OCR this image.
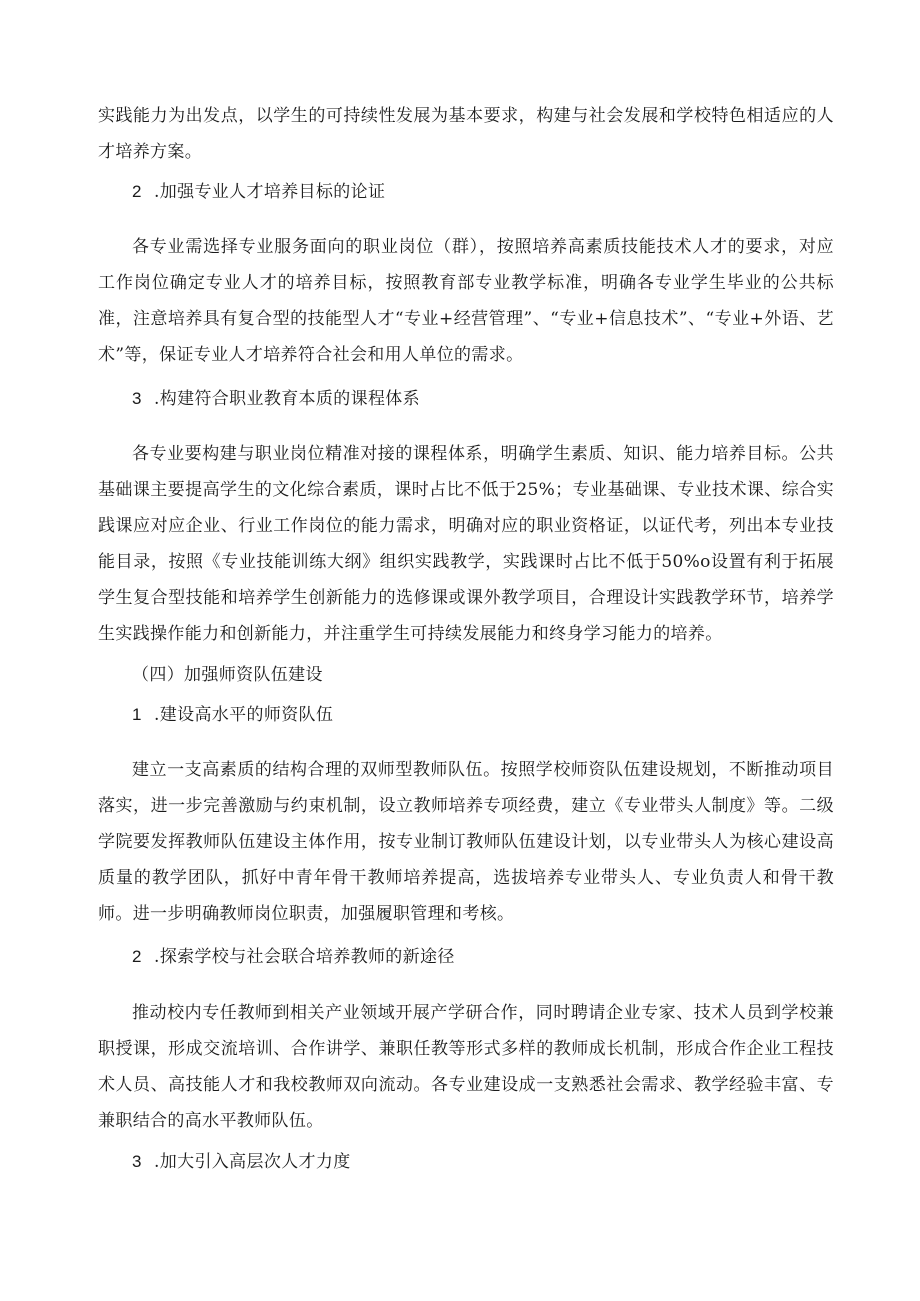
实践能力为出发点，以学生的可持续性发展为基本要求，构建与社会发展和学校特色相适应的人才培养方案。

2 .加强专业人才培养目标的论证

各专业需选择专业服务面向的职业岗位（群），按照培养高素质技能技术人才的要求，对应工作岗位确定专业人才的培养目标，按照教育部专业教学标准，明确各专业学生毕业的公共标准，注意培养具有复合型的技能型人才“专业+经营管理”、“专业+信息技术”、“专业+外语、艺术”等，保证专业人才培养符合社会和用人单位的需求。

3 .构建符合职业教育本质的课程体系

各专业要构建与职业岗位精准对接的课程体系，明确学生素质、知识、能力培养目标。公共基础课主要提高学生的文化综合素质，课时占比不低于25%；专业基础课、专业技术课、综合实践课应对应企业、行业工作岗位的能力需求，明确对应的职业资格证，以证代考，列出本专业技能目录，按照《专业技能训练大纲》组织实践教学，实践课时占比不低于50%o设置有利于拓展学生复合型技能和培养学生创新能力的选修课或课外教学项目，合理设计实践教学环节，培养学生实践操作能力和创新能力，并注重学生可持续发展能力和终身学习能力的培养。

（四）加强师资队伍建设

1 .建设高水平的师资队伍

建立一支高素质的结构合理的双师型教师队伍。按照学校师资队伍建设规划，不断推动项目落实，进一步完善激励与约束机制，设立教师培养专项经费，建立《专业带头人制度》等。二级学院要发挥教师队伍建设主体作用，按专业制订教师队伍建设计划，以专业带头人为核心建设高质量的教学团队，抓好中青年骨干教师培养提高，选拔培养专业带头人、专业负责人和骨干教师。进一步明确教师岗位职责，加强履职管理和考核。

2 .探索学校与社会联合培养教师的新途径

推动校内专任教师到相关产业领域开展产学研合作，同时聘请企业专家、技术人员到学校兼职授课，形成交流培训、合作讲学、兼职任教等形式多样的教师成长机制，形成合作企业工程技术人员、高技能人才和我校教师双向流动。各专业建设成一支熟悉社会需求、教学经验丰富、专兼职结合的高水平教师队伍。

3 .加大引入高层次人才力度
